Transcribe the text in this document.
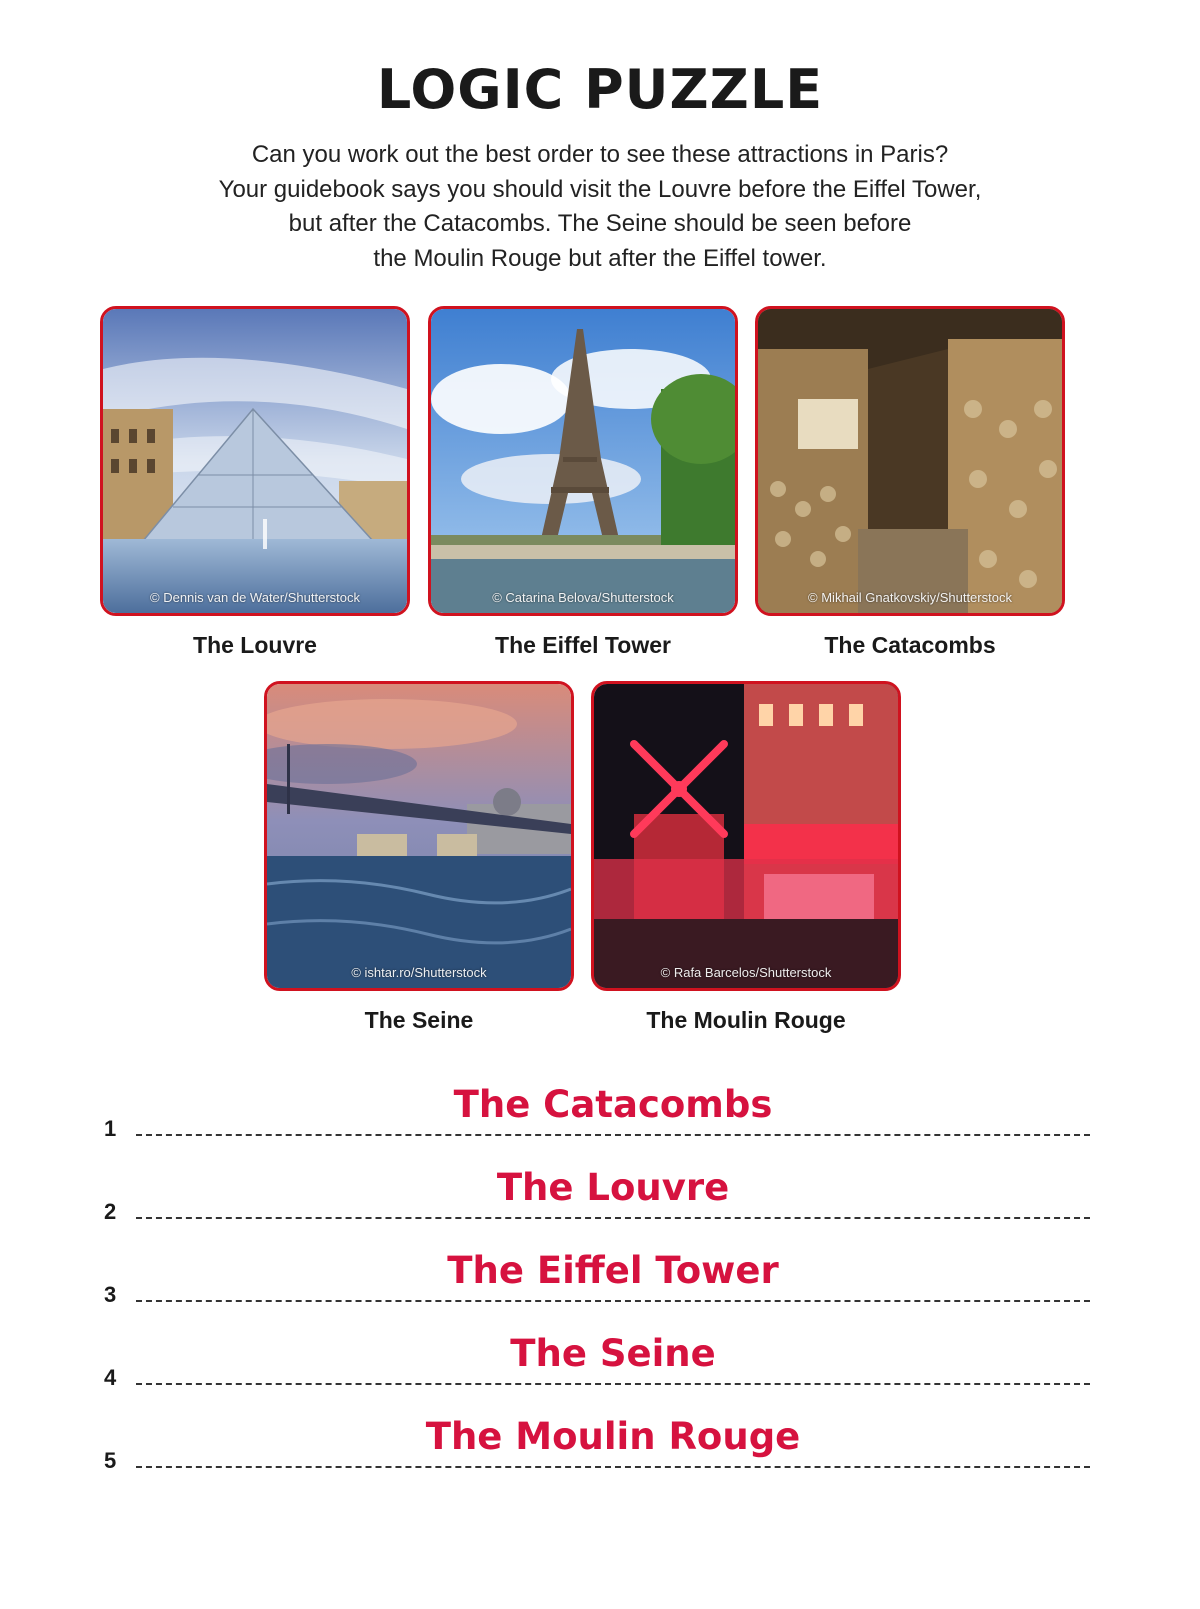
LOGIC PUZZLE
Can you work out the best order to see these attractions in Paris?
Your guidebook says you should visit the Louvre before the Eiffel Tower,
but after the Catacombs. The Seine should be seen before
the Moulin Rouge but after the Eiffel tower.
© Dennis van de Water/Shutterstock
The Louvre
© Catarina Belova/Shutterstock
The Eiffel Tower
© Mikhail Gnatkovskiy/Shutterstock
The Catacombs
© ishtar.ro/Shutterstock
The Seine
© Rafa Barcelos/Shutterstock
The Moulin Rouge
1
The Catacombs
2
The Louvre
3
The Eiffel Tower
4
The Seine
5
The Moulin Rouge
